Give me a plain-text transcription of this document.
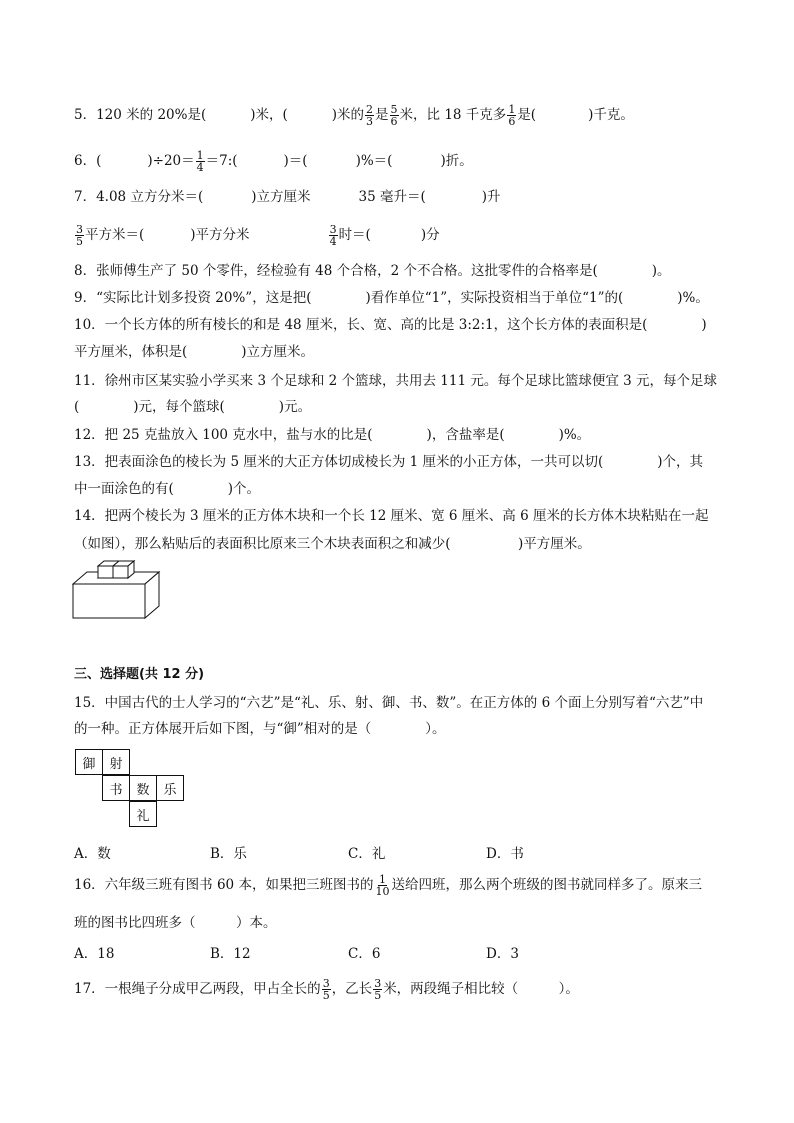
5．120 米的 20%是(	)米，(	)米的 $\frac{2}{3}$ 是 $\frac{5}{6}$ 米，比 18 千克多 $\frac{1}{6}$ 是(	)千克。
6．(	)$\div 20= \frac{1}{4}$ ＝7:(	)＝(	)%＝(	)折。
7．4.08 立方分米＝(	)立方厘米	35 毫升＝(	)升
$\frac{3}{5}$ 平方米＝(	)平方分米	$\frac{3}{4}$ 时＝(	)分
8．张师傅生产了 50 个零件，经检验有 48 个合格，2 个不合格。这批零件的合格率是(　　　　)。
9．“实际比计划多投资 20%”，这是把(　　　　)看作单位“1”，实际投资相当于单位“1”的(　　　　)%。
10．一个长方体的所有棱长的和是 48 厘米，长、宽、高的比是 3:2:1，这个长方体的表面积是(　　　　)
平方厘米，体积是(　　　　)立方厘米。
11．徐州市区某实验小学买来 3 个足球和 2 个篮球，共用去 111 元。每个足球比篮球便宜 3 元，每个足球
(　　　　)元，每个篮球(　　　　)元。
12．把 25 克盐放入 100 克水中，盐与水的比是(　　　　)，含盐率是(　　　　)%。
13．把表面涂色的棱长为 5 厘米的大正方体切成棱长为 1 厘米的小正方体，一共可以切(　　　　)个，其
中一面涂色的有(　　　　)个。
14．把两个棱长为 3 厘米的正方体木块和一个长 12 厘米、宽 6 厘米、高 6 厘米的长方体木块粘贴在一起
（如图），那么粘贴后的表面积比原来三个木块表面积之和减少(　　　　　)平方厘米。
三、选择题(共 12 分)
15．中国古代的士人学习的“六艺”是“礼、乐、射、御、书、数”。在正方体的 6 个面上分别写着“六艺”中
的一种。正方体展开后如下图，与“御”相对的是（　　　　）。
御	射
书	数	乐
礼
A．数	B．乐	C．礼	D．书
16．六年级三班有图书 60 本，如果把三班图书的 $\frac{1}{10}$ 送给四班，那么两个班级的图书就同样多了。原来三
班的图书比四班多（　　　）本。
A．18	B．12	C．6	D．3
17．一根绳子分成甲乙两段，甲占全长的 $\frac{3}{5}$ ，乙长 $\frac{3}{5}$ 米，两段绳子相比较（　　　）。
